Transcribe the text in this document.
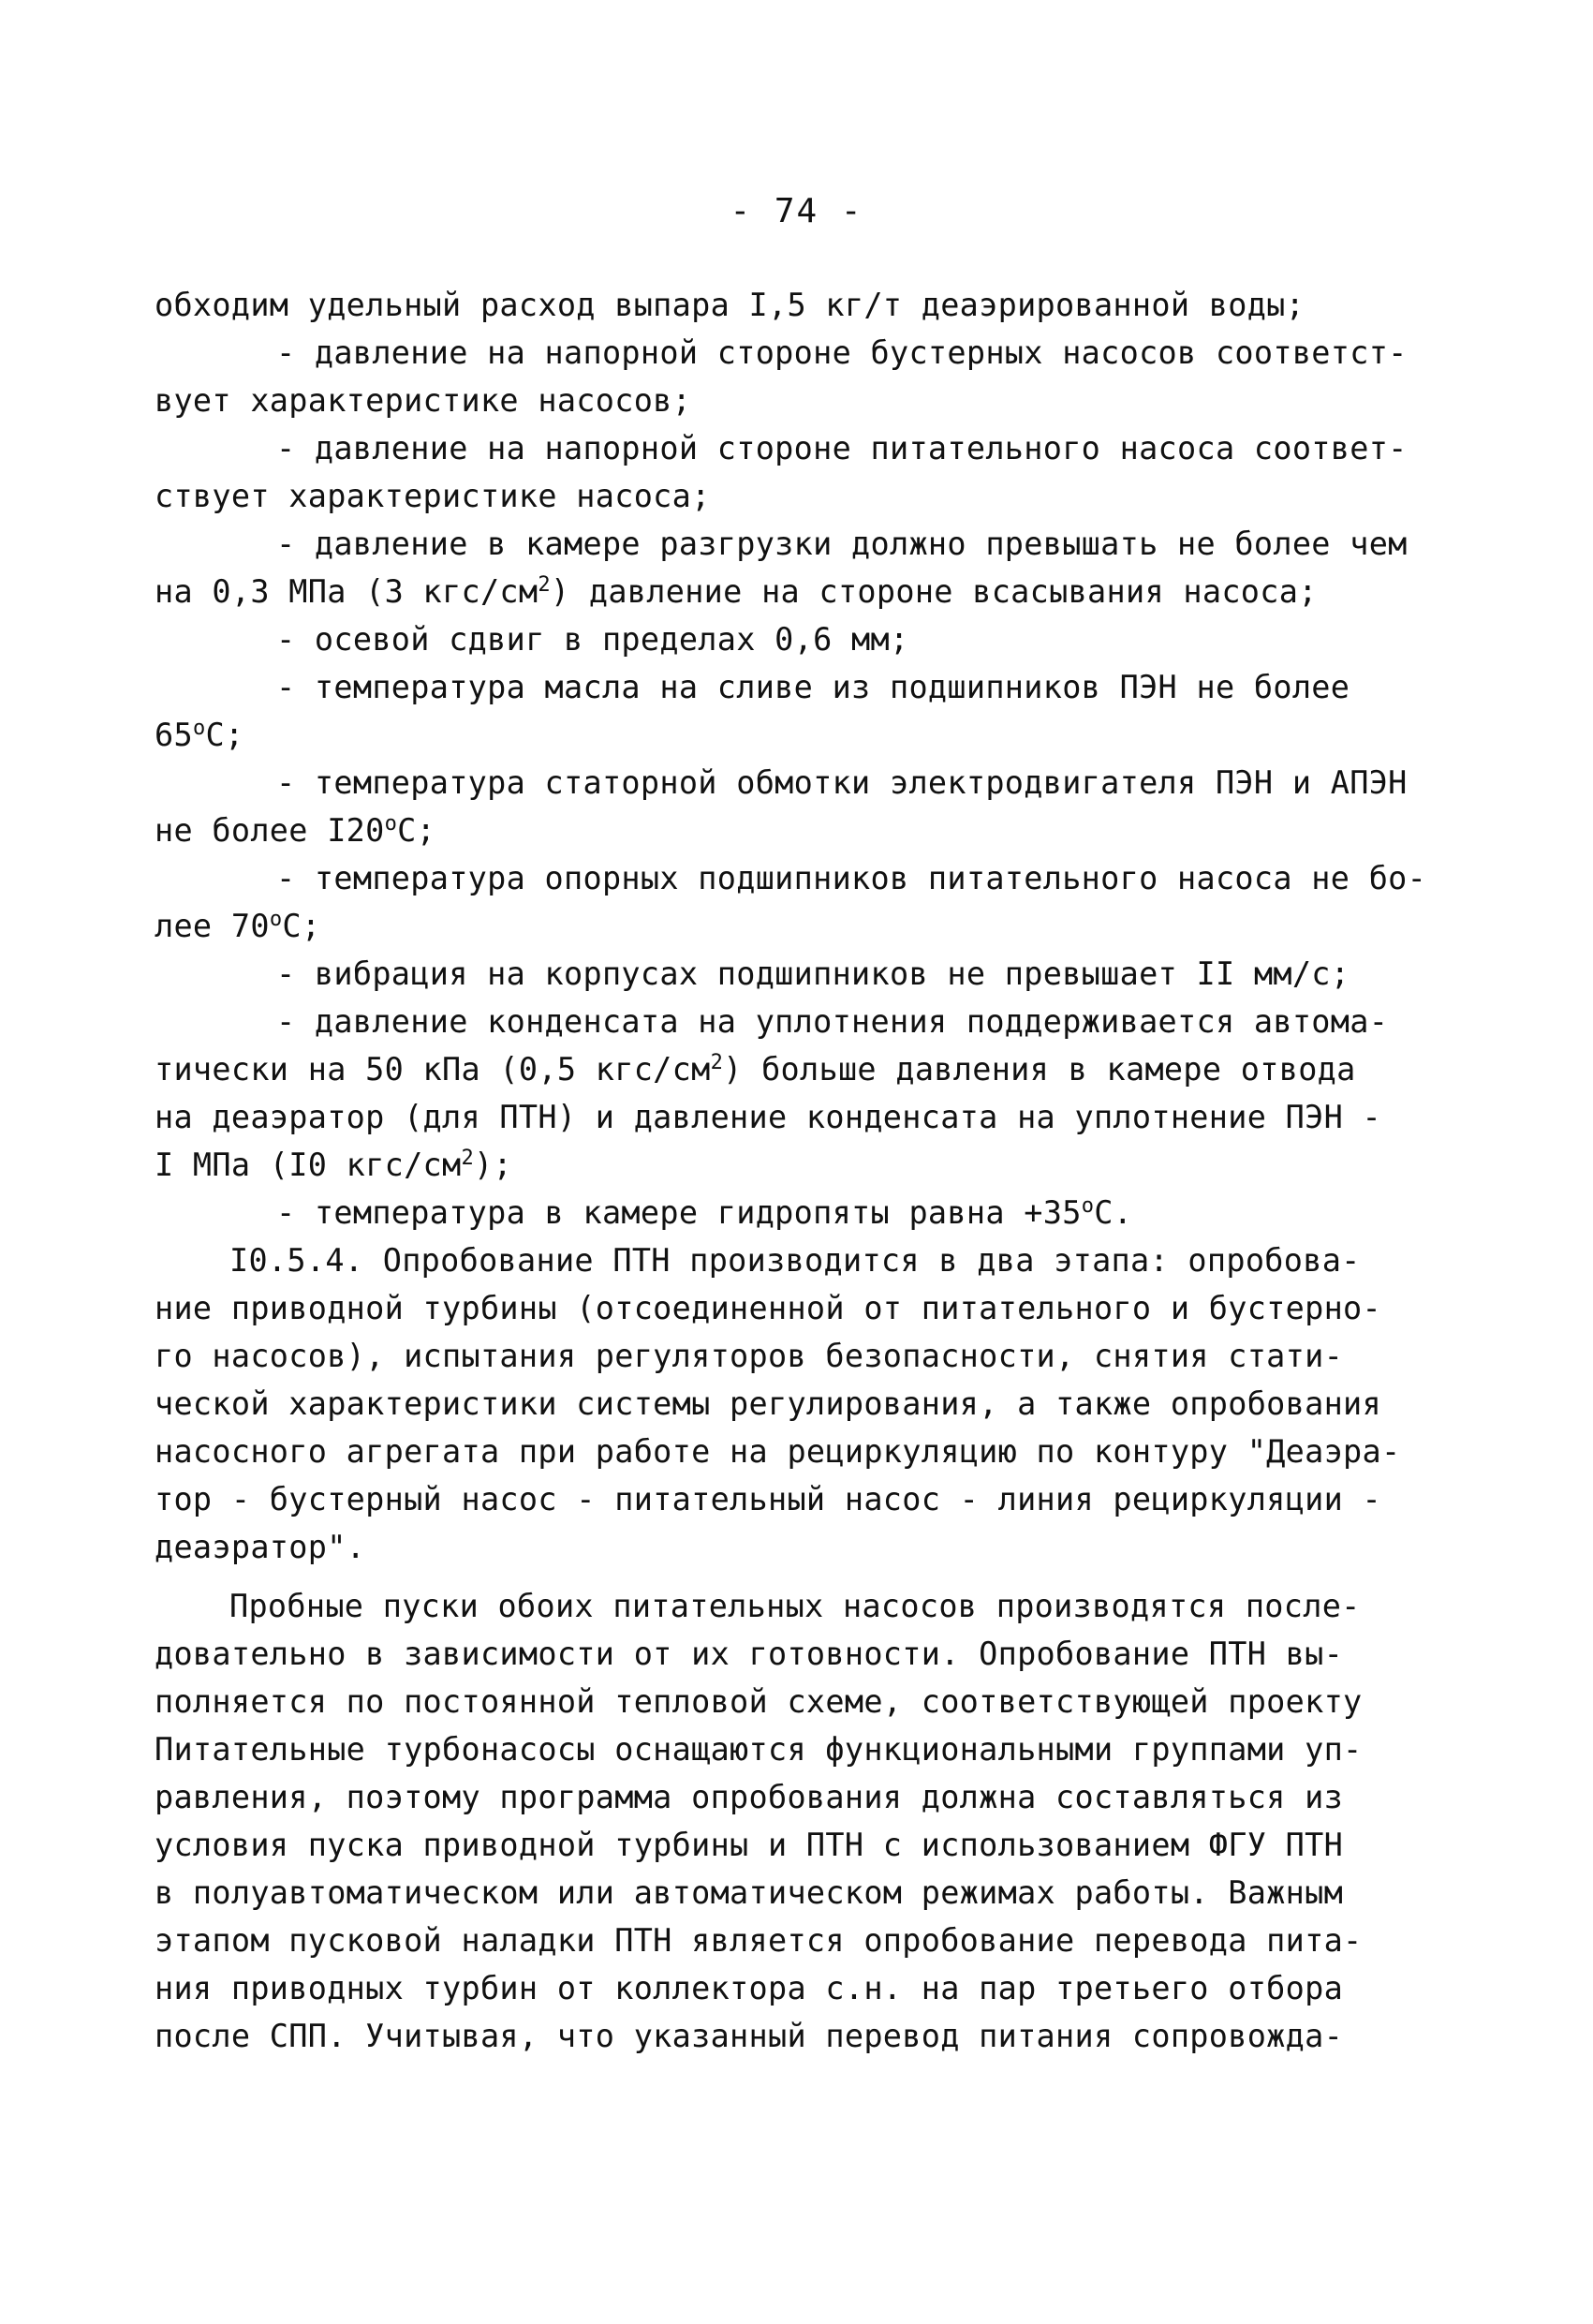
- 74 -
обходим удельный расход выпара I,5 кг/т деаэрированной воды;
- давление на напорной стороне бустерных насосов соответст-
вует характеристике насосов;
- давление на напорной стороне питательного насоса соответ-
ствует характеристике насоса;
- давление в камере разгрузки должно превышать не более чем
на 0,3 МПа (3 кгс/$см^2$) давление на стороне всасывания насоса;
- осевой сдвиг в пределах 0,6 мм;
- температура масла на сливе из подшипников ПЭН не более
$65^оС$;
- температура статорной обмотки электродвигателя ПЭН и АПЭН
не более $I20^оС$;
- температура опорных подшипников питательного насоса не бо-
лее $70^оС$;
- вибрация на корпусах подшипников не превышает II мм/с;
- давление конденсата на уплотнения поддерживается автома-
тически на 50 кПа (0,5 кгс/$см^2$) больше давления в камере отвода
на деаэратор (для ПТН) и давление конденсата на уплотнение ПЭН -
I МПа (I0 кгс/$см^2$);
- температура в камере гидропяты равна $+35^оС$.
I0.5.4. Опробование ПТН производится в два этапа: опробова-
ние приводной турбины (отсоединенной от питательного и бустерно-
го насосов), испытания регуляторов безопасности, снятия стати-
ческой характеристики системы регулирования, а также опробования
насосного агрегата при работе на рециркуляцию по контуру "Деаэра-
тор - бустерный насос - питательный насос - линия рециркуляции -
деаэратор".
Пробные пуски обоих питательных насосов производятся после-
довательно в зависимости от их готовности. Опробование ПТН вы-
полняется по постоянной тепловой схеме, соответствующей проекту
Питательные турбонасосы оснащаются функциональными группами уп-
равления, поэтому программа опробования должна составляться из
условия пуска приводной турбины и ПТН с использованием ФГУ ПТН
в полуавтоматическом или автоматическом режимах работы. Важным
этапом пусковой наладки ПТН является опробование перевода пита-
ния приводных турбин от коллектора с.н. на пар третьего отбора
после СПП. Учитывая, что указанный перевод питания сопровожда-
